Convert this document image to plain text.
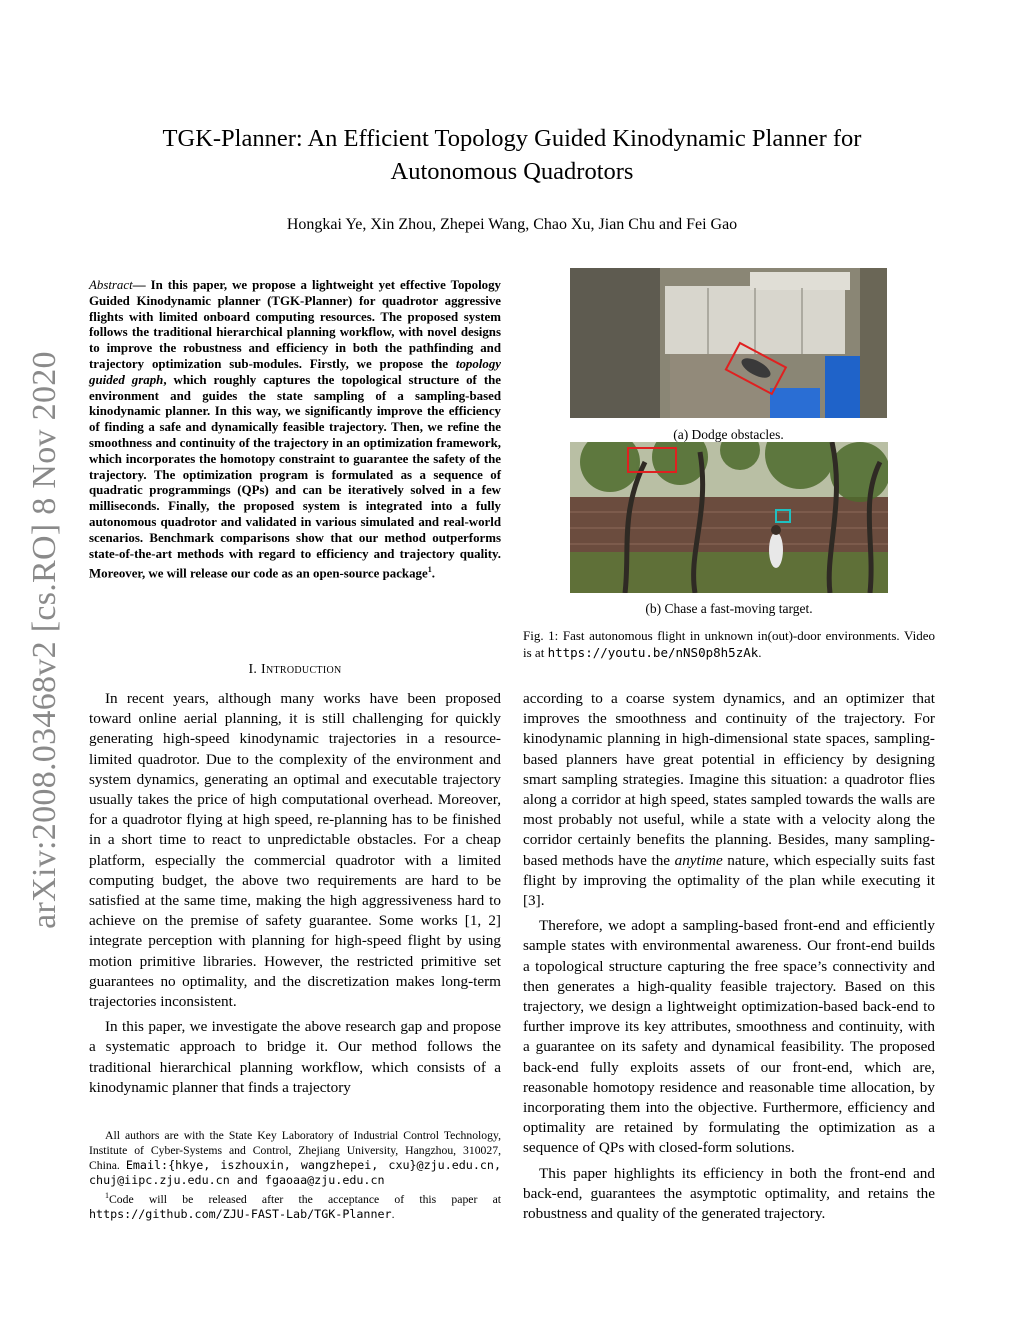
arXiv:2008.03468v2 [cs.RO] 8 Nov 2020
TGK-Planner: An Efficient Topology Guided Kinodynamic Planner for Autonomous Quadrotors
Hongkai Ye, Xin Zhou, Zhepei Wang, Chao Xu, Jian Chu and Fei Gao
Abstract— In this paper, we propose a lightweight yet effective Topology Guided Kinodynamic planner (TGK-Planner) for quadrotor aggressive flights with limited onboard computing resources. The proposed system follows the traditional hierarchical planning workflow, with novel designs to improve the robustness and efficiency in both the pathfinding and trajectory optimization sub-modules. Firstly, we propose the topology guided graph, which roughly captures the topological structure of the environment and guides the state sampling of a sampling-based kinodynamic planner. In this way, we significantly improve the efficiency of finding a safe and dynamically feasible trajectory. Then, we refine the smoothness and continuity of the trajectory in an optimization framework, which incorporates the homotopy constraint to guarantee the safety of the trajectory. The optimization program is formulated as a sequence of quadratic programmings (QPs) and can be iteratively solved in a few milliseconds. Finally, the proposed system is integrated into a fully autonomous quadrotor and validated in various simulated and real-world scenarios. Benchmark comparisons show that our method outperforms state-of-the-art methods with regard to efficiency and trajectory quality. Moreover, we will release our code as an open-source package$^1$.
I. Introduction

In recent years, although many works have been proposed toward online aerial planning, it is still challenging for quickly generating high-speed kinodynamic trajectories in a resource-limited quadrotor. Due to the complexity of the environment and system dynamics, generating an optimal and executable trajectory usually takes the price of high computational overhead. Moreover, for a quadrotor flying at high speed, re-planning has to be finished in a short time to react to unpredictable obstacles. For a cheap platform, especially the commercial quadrotor with a limited computing budget, the above two requirements are hard to be satisfied at the same time, making the high aggressiveness hard to achieve on the premise of safety guarantee. Some works [1, 2] integrate perception with planning for high-speed flight by using motion primitive libraries. However, the restricted primitive set guarantees no optimality, and the discretization makes long-term trajectories inconsistent.

In this paper, we investigate the above research gap and propose a systematic approach to bridge it. Our method follows the traditional hierarchical planning workflow, which consists of a kinodynamic planner that finds a trajectory

All authors are with the State Key Laboratory of Industrial Control Technology, Institute of Cyber-Systems and Control, Zhejiang University, Hangzhou, 310027, China. Email:{hkye, iszhouxin, wangzhepei, cxu}@zju.edu.cn, chuj@iipc.zju.edu.cn and fgaoaa@zju.edu.cn

$^1$Code will be released after the acceptance of this paper at https://github.com/ZJU-FAST-Lab/TGK-Planner.

(a) Dodge obstacles.
(b) Chase a fast-moving target.
Fig. 1: Fast autonomous flight in unknown in(out)-door environments. Video is at https://youtu.be/nNS0p8h5zAk.

according to a coarse system dynamics, and an optimizer that improves the smoothness and continuity of the trajectory. For kinodynamic planning in high-dimensional state spaces, sampling-based planners have great potential in efficiency by designing smart sampling strategies. Imagine this situation: a quadrotor flies along a corridor at high speed, states sampled towards the walls are most probably not useful, while a state with a velocity along the corridor certainly benefits the planning. Besides, many sampling-based methods have the anytime nature, which especially suits fast flight by improving the optimality of the plan while executing it [3].

Therefore, we adopt a sampling-based front-end and efficiently sample states with environmental awareness. Our front-end builds a topological structure capturing the free space’s connectivity and then generates a high-quality feasible trajectory. Based on this trajectory, we design a lightweight optimization-based back-end to further improve its key attributes, smoothness and continuity, with a guarantee on its safety and dynamical feasibility. The proposed back-end fully exploits assets of our front-end, which are, reasonable homotopy residence and reasonable time allocation, by incorporating them into the objective. Furthermore, efficiency and optimality are retained by formulating the optimization as a sequence of QPs with closed-form solutions.

This paper highlights its efficiency in both the front-end and back-end, guarantees the asymptotic optimality, and retains the robustness and quality of the generated trajectory.
